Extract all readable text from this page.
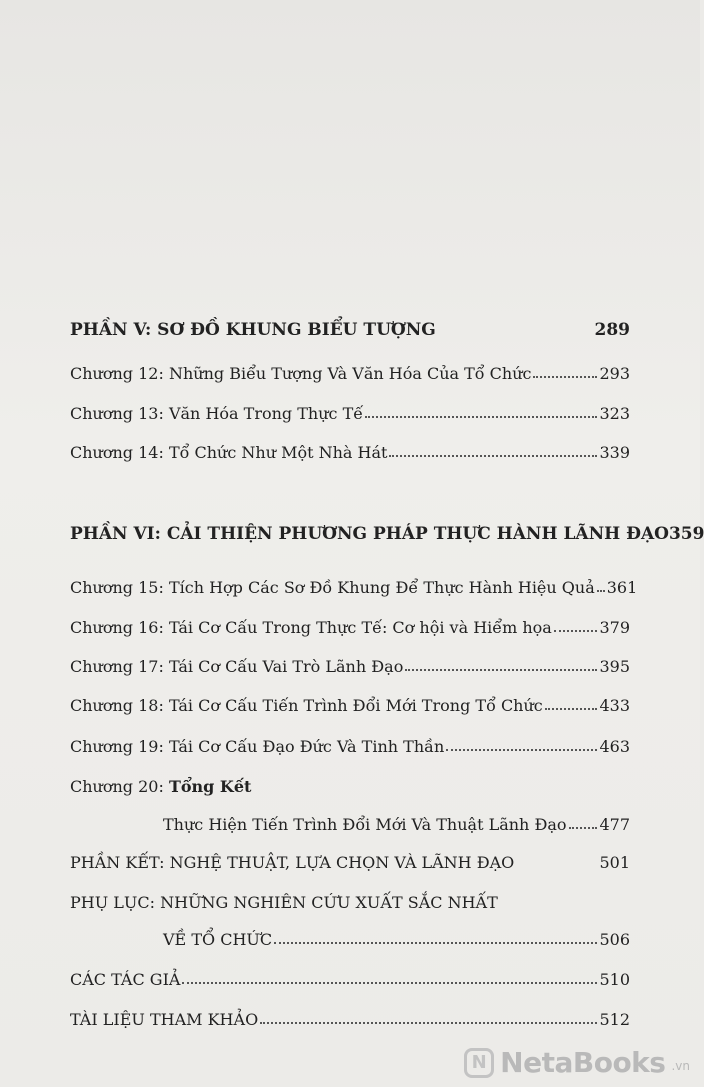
PHẦN V: SƠ ĐỒ KHUNG BIỂU TƯỢNG	289
Chương 12: Những Biểu Tượng Và Văn Hóa Của Tổ Chức	293
Chương 13: Văn Hóa Trong Thực Tế	323
Chương 14: Tổ Chức Như Một Nhà Hát	339
PHẦN VI: CẢI THIỆN PHƯƠNG PHÁP THỰC HÀNH LÃNH ĐẠO 359
Chương 15: Tích Hợp Các Sơ Đồ Khung Để Thực Hành Hiệu Quả 361
Chương 16: Tái Cơ Cấu Trong Thực Tế: Cơ hội và Hiểm họa	379
Chương 17: Tái Cơ Cấu Vai Trò Lãnh Đạo	395
Chương 18: Tái Cơ Cấu Tiến Trình Đổi Mới Trong Tổ Chức	433
Chương 19: Tái Cơ Cấu Đạo Đức Và Tinh Thần	463
Chương 20: Tổng Kết
Thực Hiện Tiến Trình Đổi Mới Và Thuật Lãnh Đạo 477
PHẦN KẾT: NGHỆ THUẬT, LỰA CHỌN VÀ LÃNH ĐẠO	501
PHỤ LỤC: NHỮNG NGHIÊN CỨU XUẤT SẮC NHẤT
VỀ TỔ CHỨC	506
CÁC TÁC GIẢ	510
TÀI LIỆU THAM KHẢO	512
N NetaBooks .vn
